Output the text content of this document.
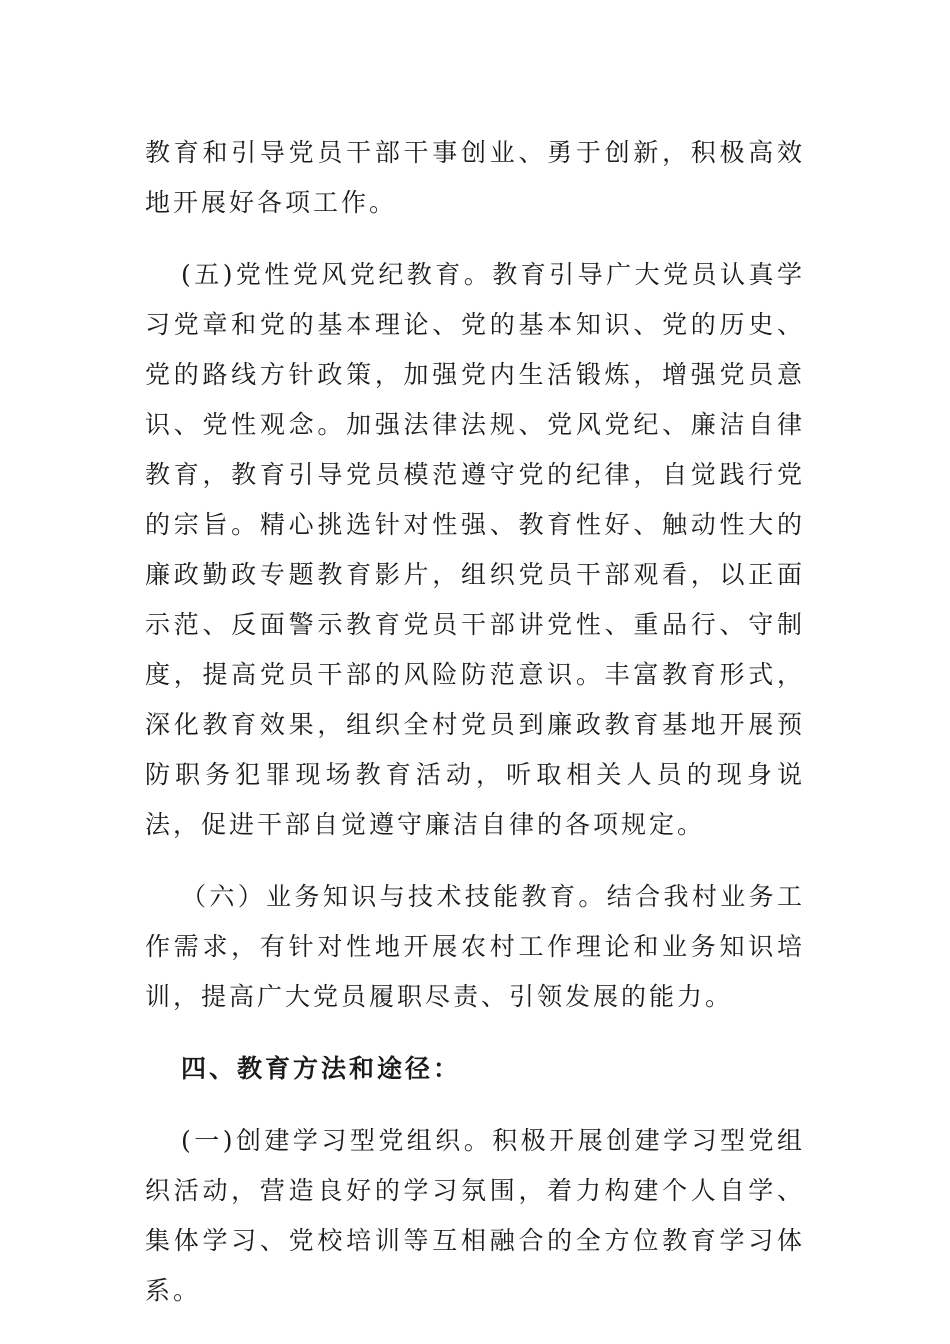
教育和引导党员干部干事创业、勇于创新，积极高效地开展好各项工作。

(五)党性党风党纪教育。教育引导广大党员认真学习党章和党的基本理论、党的基本知识、党的历史、党的路线方针政策，加强党内生活锻炼，增强党员意识、党性观念。加强法律法规、党风党纪、廉洁自律教育，教育引导党员模范遵守党的纪律，自觉践行党的宗旨。精心挑选针对性强、教育性好、触动性大的廉政勤政专题教育影片，组织党员干部观看，以正面示范、反面警示教育党员干部讲党性、重品行、守制度，提高党员干部的风险防范意识。丰富教育形式，深化教育效果，组织全村党员到廉政教育基地开展预防职务犯罪现场教育活动，听取相关人员的现身说法，促进干部自觉遵守廉洁自律的各项规定。

（六）业务知识与技术技能教育。结合我村业务工作需求，有针对性地开展农村工作理论和业务知识培训，提高广大党员履职尽责、引领发展的能力。

四、教育方法和途径：

(一)创建学习型党组织。积极开展创建学习型党组织活动，营造良好的学习氛围，着力构建个人自学、集体学习、党校培训等互相融合的全方位教育学习体系。
